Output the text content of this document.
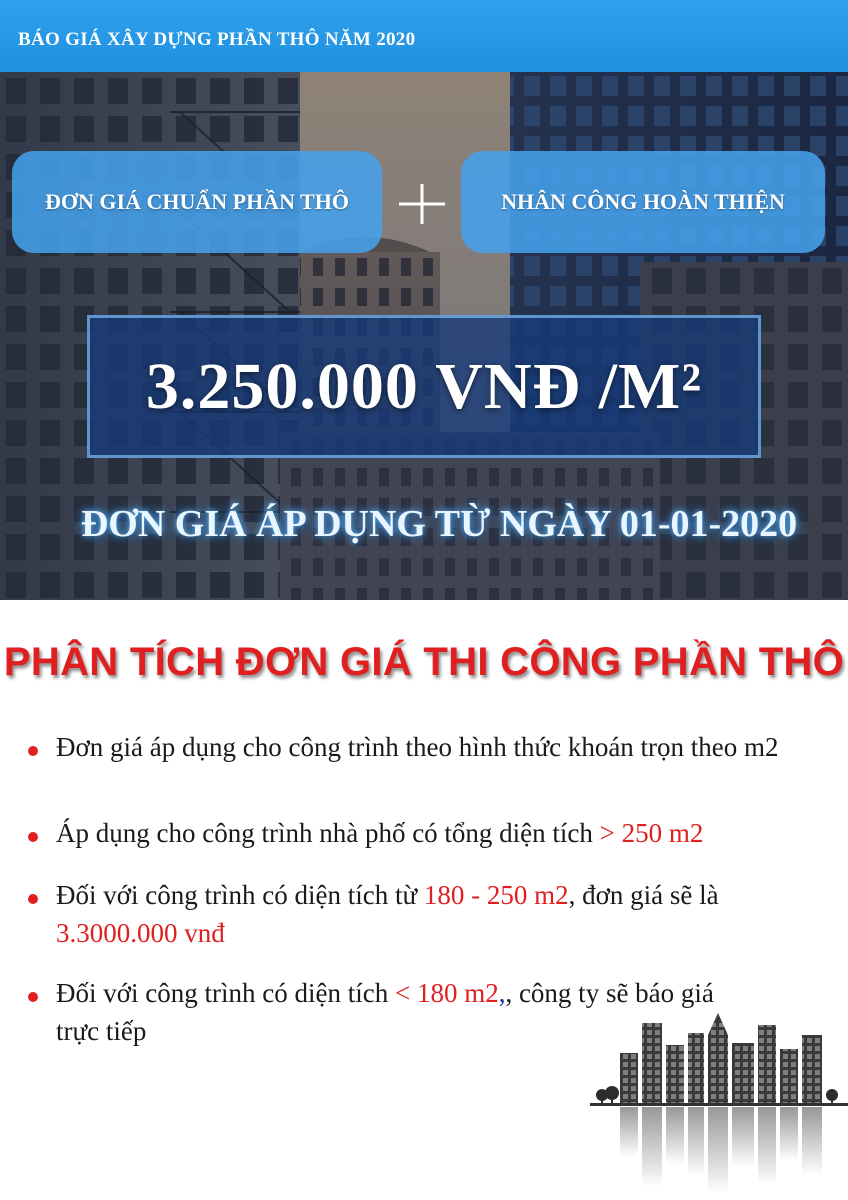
BÁO GIÁ XÂY DỰNG PHẦN THÔ NĂM 2020
ĐƠN GIÁ CHUẨN PHẦN THÔ	NHÂN CÔNG HOÀN THIỆN
3.250.000 VNĐ /M²
ĐƠN GIÁ ÁP DỤNG TỪ NGÀY 01-01-2020
PHÂN TÍCH ĐƠN GIÁ THI CÔNG PHẦN THÔ
Đơn giá áp dụng cho công trình theo hình thức khoán trọn theo m2
Áp dụng cho công trình nhà phố có tổng diện tích > 250 m2
Đối với công trình có diện tích từ 180 - 250 m2, đơn giá sẽ là 3.3000.000 vnđ
Đối với công trình có diện tích < 180 m2,, công ty sẽ báo giá trực tiếp
